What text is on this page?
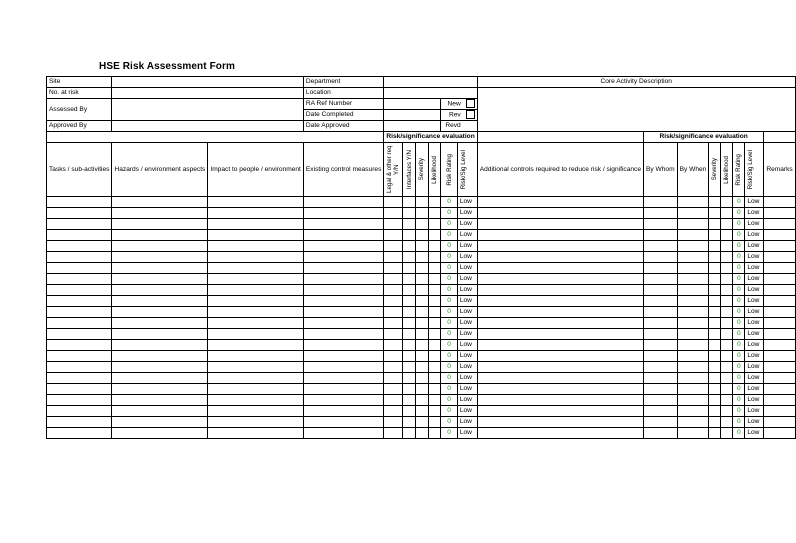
HSE Risk Assessment Form
Site			Department							Core Activity Description							
No. at risk			Location														
Assessed By			RA Ref Number					New									
			Date Completed					Rev									
Approved By			Date Approved					Revd									
				Risk/significance evaluation							Risk/significance evaluation						
Tasks / sub-activities	Hazards / environment aspects	Impact to people / environment	Existing control measures	Legal & other req Y/N	Interfaces Y/N	Severity	Likelihood	Risk Rating	Risk/Sig Level	Additional controls required to reduce risk / significance	By Whom	By When	Severity	Likelihood	Risk Rating	Risk/Sig Level	Remarks
								0	Low						0	Low	
								0	Low						0	Low	
								0	Low						0	Low	
								0	Low						0	Low	
								0	Low						0	Low	
								0	Low						0	Low	
								0	Low						0	Low	
								0	Low						0	Low	
								0	Low						0	Low	
								0	Low						0	Low	
								0	Low						0	Low	
								0	Low						0	Low	
								0	Low						0	Low	
								0	Low						0	Low	
								0	Low						0	Low	
								0	Low						0	Low	
								0	Low						0	Low	
								0	Low						0	Low	
								0	Low						0	Low	
								0	Low						0	Low	
								0	Low						0	Low	
								0	Low						0	Low	
